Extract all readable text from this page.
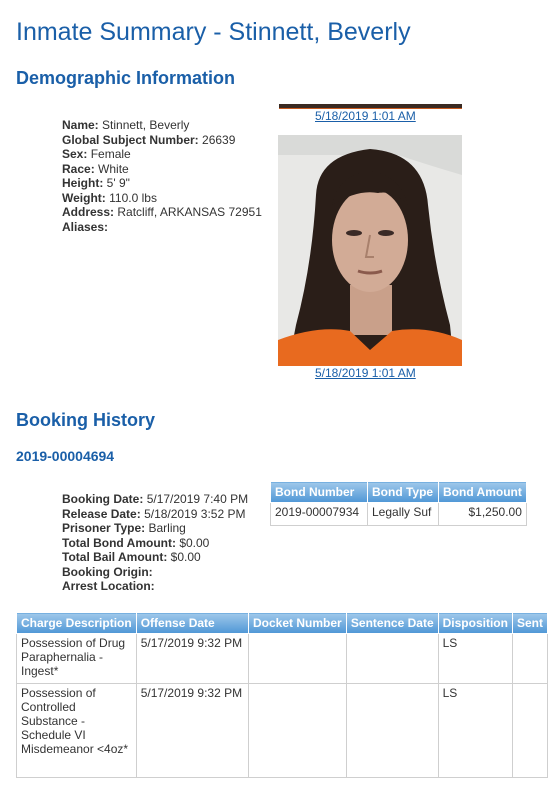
Inmate Summary - Stinnett, Beverly
Demographic Information
Name: Stinnett, Beverly
Global Subject Number: 26639
Sex: Female
Race: White
Height: 5' 9"
Weight: 110.0 lbs
Address: Ratcliff, ARKANSAS 72951
Aliases:
5/18/2019 1:01 AM
5/18/2019 1:01 AM
Booking History
2019-00004694
Booking Date: 5/17/2019 7:40 PM
Release Date: 5/18/2019 3:52 PM
Prisoner Type: Barling
Total Bond Amount: $0.00
Total Bail Amount: $0.00
Booking Origin:
Arrest Location:
Bond Number	Bond Type	Bond Amount
2019-00007934	Legally Suf	$1,250.00
Charge Description	Offense Date	Docket Number	Sentence Date	Disposition	Sent
Possession of Drug Paraphernalia - Ingest*	5/17/2019 9:32 PM			LS	
Possession of Controlled Substance - Schedule VI Misdemeanor <4oz*	5/17/2019 9:32 PM			LS	
